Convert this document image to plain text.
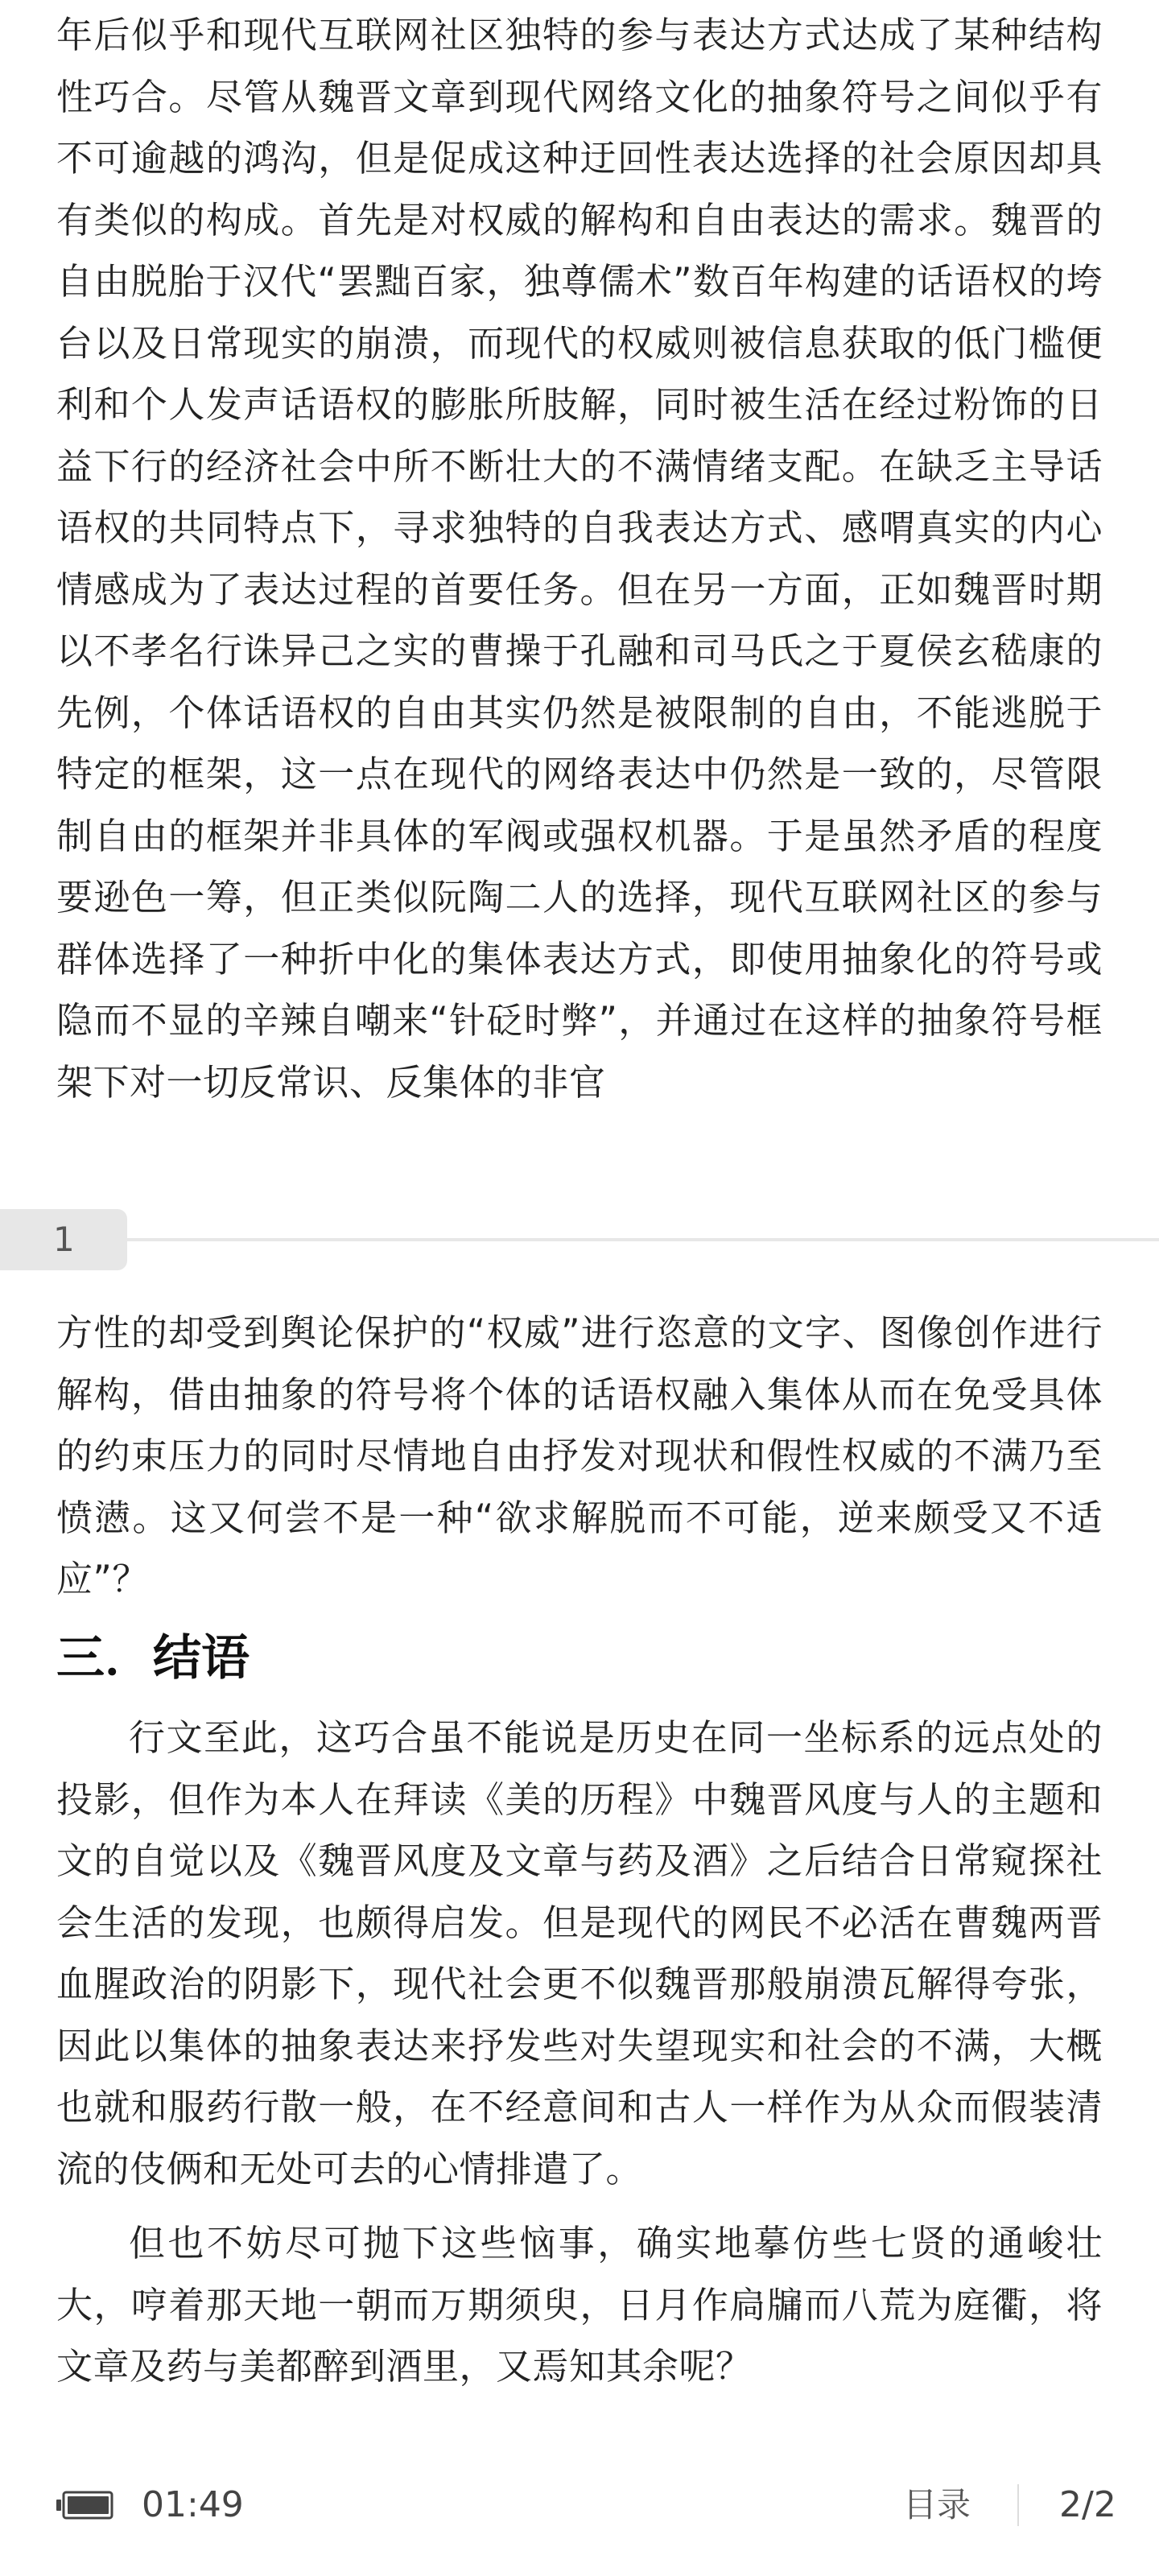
年后似乎和现代互联网社区独特的参与表达方式达成了某种结构性巧合。尽管从魏晋文章到现代网络文化的抽象符号之间似乎有不可逾越的鸿沟，但是促成这种迂回性表达选择的社会原因却具有类似的构成。首先是对权威的解构和自由表达的需求。魏晋的自由脱胎于汉代“罢黜百家，独尊儒术”数百年构建的话语权的垮台以及日常现实的崩溃，而现代的权威则被信息获取的低门槛便利和个人发声话语权的膨胀所肢解，同时被生活在经过粉饰的日益下行的经济社会中所不断壮大的不满情绪支配。在缺乏主导话语权的共同特点下，寻求独特的自我表达方式、感喟真实的内心情感成为了表达过程的首要任务。但在另一方面，正如魏晋时期以不孝名行诛异己之实的曹操于孔融和司马氏之于夏侯玄嵇康的先例，个体话语权的自由其实仍然是被限制的自由，不能逃脱于特定的框架，这一点在现代的网络表达中仍然是一致的，尽管限制自由的框架并非具体的军阀或强权机器。于是虽然矛盾的程度要逊色一筹，但正类似阮陶二人的选择，现代互联网社区的参与群体选择了一种折中化的集体表达方式，即使用抽象化的符号或隐而不显的辛辣自嘲来“针砭时弊”，并通过在这样的抽象符号框架下对一切反常识、反集体的非官

1

方性的却受到舆论保护的“权威”进行恣意的文字、图像创作进行解构，借由抽象的符号将个体的话语权融入集体从而在免受具体的约束压力的同时尽情地自由抒发对现状和假性权威的不满乃至愤懑。这又何尝不是一种“欲求解脱而不可能，逆来颇受又不适应”？

三．结语

行文至此，这巧合虽不能说是历史在同一坐标系的远点处的投影，但作为本人在拜读《美的历程》中魏晋风度与人的主题和文的自觉以及《魏晋风度及文章与药及酒》之后结合日常窥探社会生活的发现，也颇得启发。但是现代的网民不必活在曹魏两晋血腥政治的阴影下，现代社会更不似魏晋那般崩溃瓦解得夸张，因此以集体的抽象表达来抒发些对失望现实和社会的不满，大概也就和服药行散一般，在不经意间和古人一样作为从众而假装清流的伎俩和无处可去的心情排遣了。

但也不妨尽可抛下这些恼事，确实地摹仿些七贤的通峻壮大，哼着那天地一朝而万期须臾，日月作扃牖而八荒为庭衢，将文章及药与美都醉到酒里，又焉知其余呢？

01:49	目录 2/2
